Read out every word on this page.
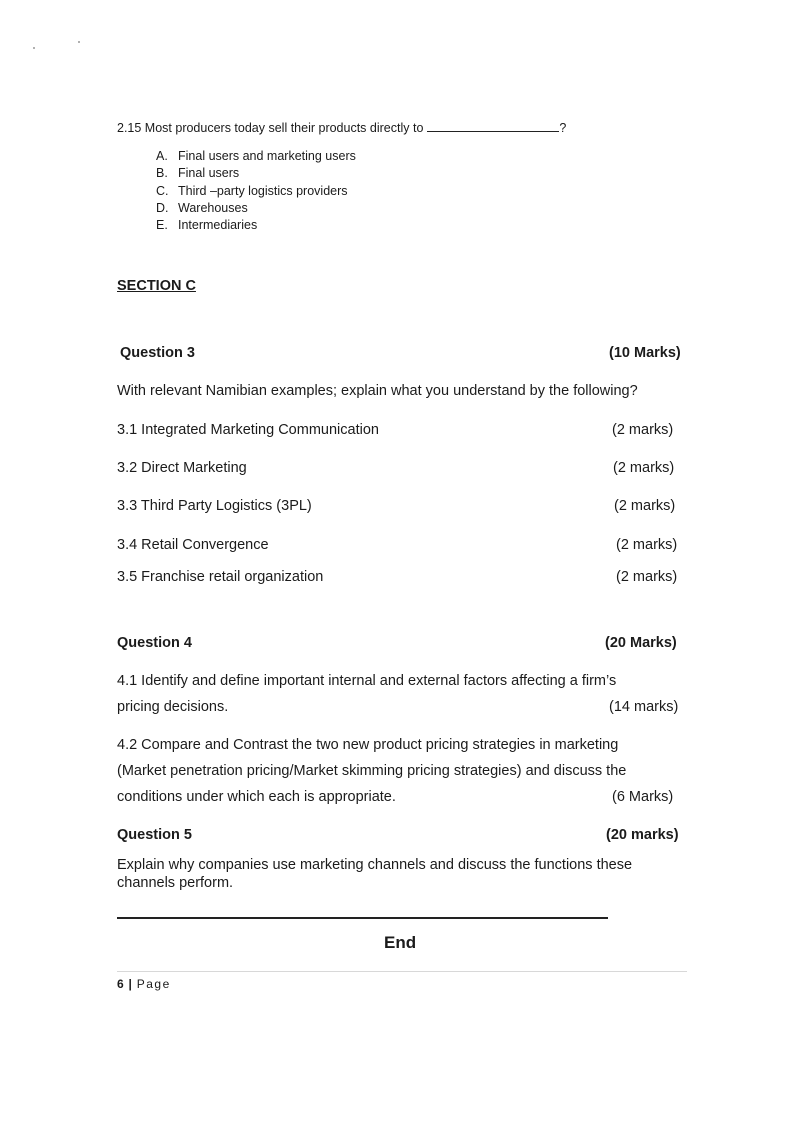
2.15 Most producers today sell their products directly to	?
A. Final users and marketing users
B. Final users
C. Third –party logistics providers
D. Warehouses
E. Intermediaries
SECTION C
Question 3	(10 Marks)
With relevant Namibian examples; explain what you understand by the following?
3.1 Integrated Marketing Communication	(2 marks)
3.2 Direct Marketing	(2 marks)
3.3 Third Party Logistics (3PL)	(2 marks)
3.4 Retail Convergence	(2 marks)
3.5 Franchise retail organization	(2 marks)
Question 4	(20 Marks)
4.1 Identify and define important internal and external factors affecting a firm’s
pricing decisions.	(14 marks)
4.2 Compare and Contrast the two new product pricing strategies in marketing
(Market penetration pricing/Market skimming pricing strategies) and discuss the
conditions under which each is appropriate.	(6 Marks)
Question 5	(20 marks)
Explain why companies use marketing channels and discuss the functions these
channels perform.
End
6 | Page
